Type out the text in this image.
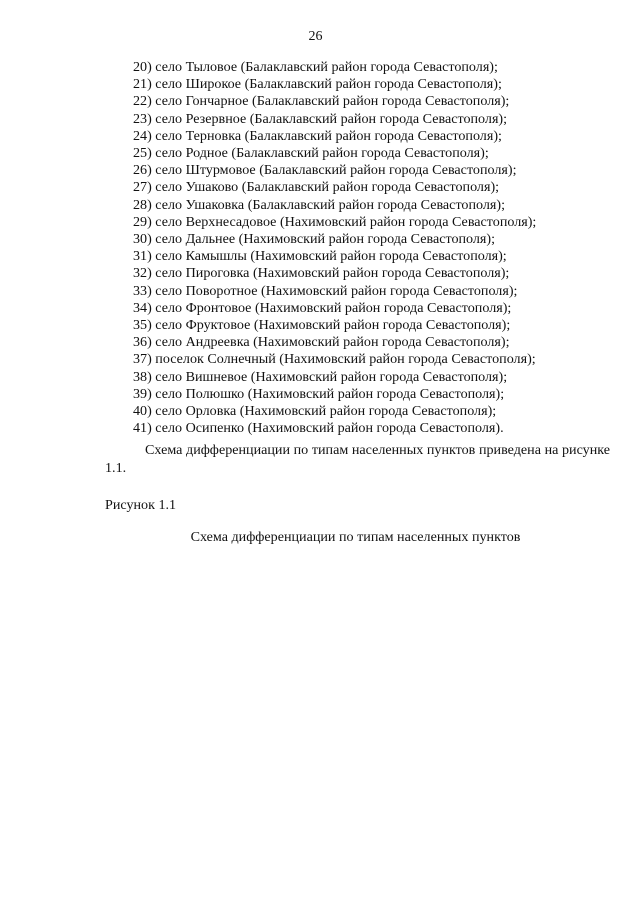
26
20) село Тыловое (Балаклавский район города Севастополя);
21) село Широкое (Балаклавский район города Севастополя);
22) село Гончарное (Балаклавский район города Севастополя);
23) село Резервное (Балаклавский район города Севастополя);
24) село Терновка (Балаклавский район города Севастополя);
25) село Родное (Балаклавский район города Севастополя);
26) село Штурмовое (Балаклавский район города Севастополя);
27) село Ушаково (Балаклавский район города Севастополя);
28) село Ушаковка (Балаклавский район города Севастополя);
29) село Верхнесадовое (Нахимовский район города Севастополя);
30) село Дальнее (Нахимовский район города Севастополя);
31) село Камышлы (Нахимовский район города Севастополя);
32) село Пироговка (Нахимовский район города Севастополя);
33) село Поворотное (Нахимовский район города Севастополя);
34) село Фронтовое (Нахимовский район города Севастополя);
35) село Фруктовое (Нахимовский район города Севастополя);
36) село Андреевка (Нахимовский район города Севастополя);
37) поселок Солнечный (Нахимовский район города Севастополя);
38) село Вишневое (Нахимовский район города Севастополя);
39) село Полюшко (Нахимовский район города Севастополя);
40) село Орловка (Нахимовский район города Севастополя);
41) село Осипенко (Нахимовский район города Севастополя).

Схема дифференциации по типам населенных пунктов приведена на рисунке 1.1.

Рисунок 1.1

Схема дифференциации по типам населенных пунктов
